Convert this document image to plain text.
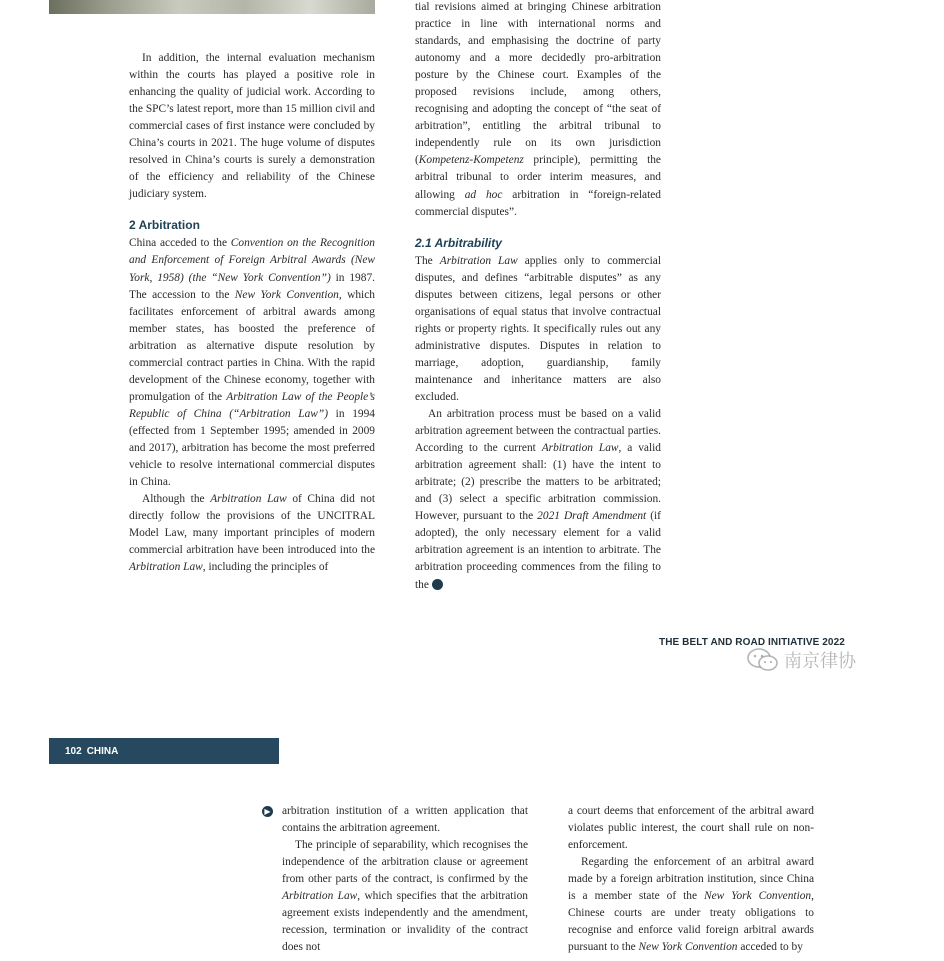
In addition, the internal evaluation mechanism within the courts has played a positive role in enhancing the quality of judicial work. According to the SPC’s latest report, more than 15 million civil and commercial cases of first instance were concluded by China’s courts in 2021. The huge volume of disputes resolved in China’s courts is surely a demonstration of the efficiency and reliability of the Chinese judiciary system.

2 Arbitration

China acceded to the Convention on the Recognition and Enforcement of Foreign Arbitral Awards (New York, 1958) (the “New York Convention”) in 1987. The accession to the New York Convention, which facilitates enforcement of arbitral awards among member states, has boosted the preference of arbitration as alternative dispute resolution by commercial contract parties in China. With the rapid development of the Chinese economy, together with promulgation of the Arbitration Law of the People’s Republic of China (“Arbitration Law”) in 1994 (effected from 1 September 1995; amended in 2009 and 2017), arbitration has become the most preferred vehicle to resolve international commercial disputes in China.

Although the Arbitration Law of China did not directly follow the provisions of the UNCITRAL Model Law, many important principles of modern commercial arbitration have been introduced into the Arbitration Law, including the principles of

tial revisions aimed at bringing Chinese arbitration practice in line with international norms and standards, and emphasising the doctrine of party autonomy and a more decidedly pro-arbitration posture by the Chinese court. Examples of the proposed revisions include, among others, recognising and adopting the concept of “the seat of arbitration”, entitling the arbitral tribunal to independently rule on its own jurisdiction (Kompetenz-Kompetenz principle), permitting the arbitral tribunal to order interim measures, and allowing ad hoc arbitration in “foreign-related commercial disputes”.

2.1 Arbitrability

The Arbitration Law applies only to commercial disputes, and defines “arbitrable disputes” as any disputes between citizens, legal persons or other organisations of equal status that involve contractual rights or property rights. It specifically rules out any administrative disputes. Disputes in relation to marriage, adoption, guardianship, family maintenance and inheritance matters are also excluded.

An arbitration process must be based on a valid arbitration agreement between the contractual parties. According to the current Arbitration Law, a valid arbitration agreement shall: (1) have the intent to arbitrate; (2) prescribe the matters to be arbitrated; and (3) select a specific arbitration commission. However, pursuant to the 2021 Draft Amendment (if adopted), the only necessary element for a valid arbitration agreement is an intention to arbitrate. The arbitration proceeding commences from the filing to the ▶

THE BELT AND ROAD INITIATIVE 2022
南京律协
102 CHINA
▶ arbitration institution of a written application that contains the arbitration agreement.

The principle of separability, which recognises the independence of the arbitration clause or agreement from other parts of the contract, is confirmed by the Arbitration Law, which specifies that the arbitration agreement exists independently and the amendment, recession, termination or invalidity of the contract does not

a court deems that enforcement of the arbitral award violates public interest, the court shall rule on non-enforcement.

Regarding the enforcement of an arbitral award made by a foreign arbitration institution, since China is a member state of the New York Convention, Chinese courts are under treaty obligations to recognise and enforce valid foreign arbitral awards pursuant to the New York Convention acceded to by
